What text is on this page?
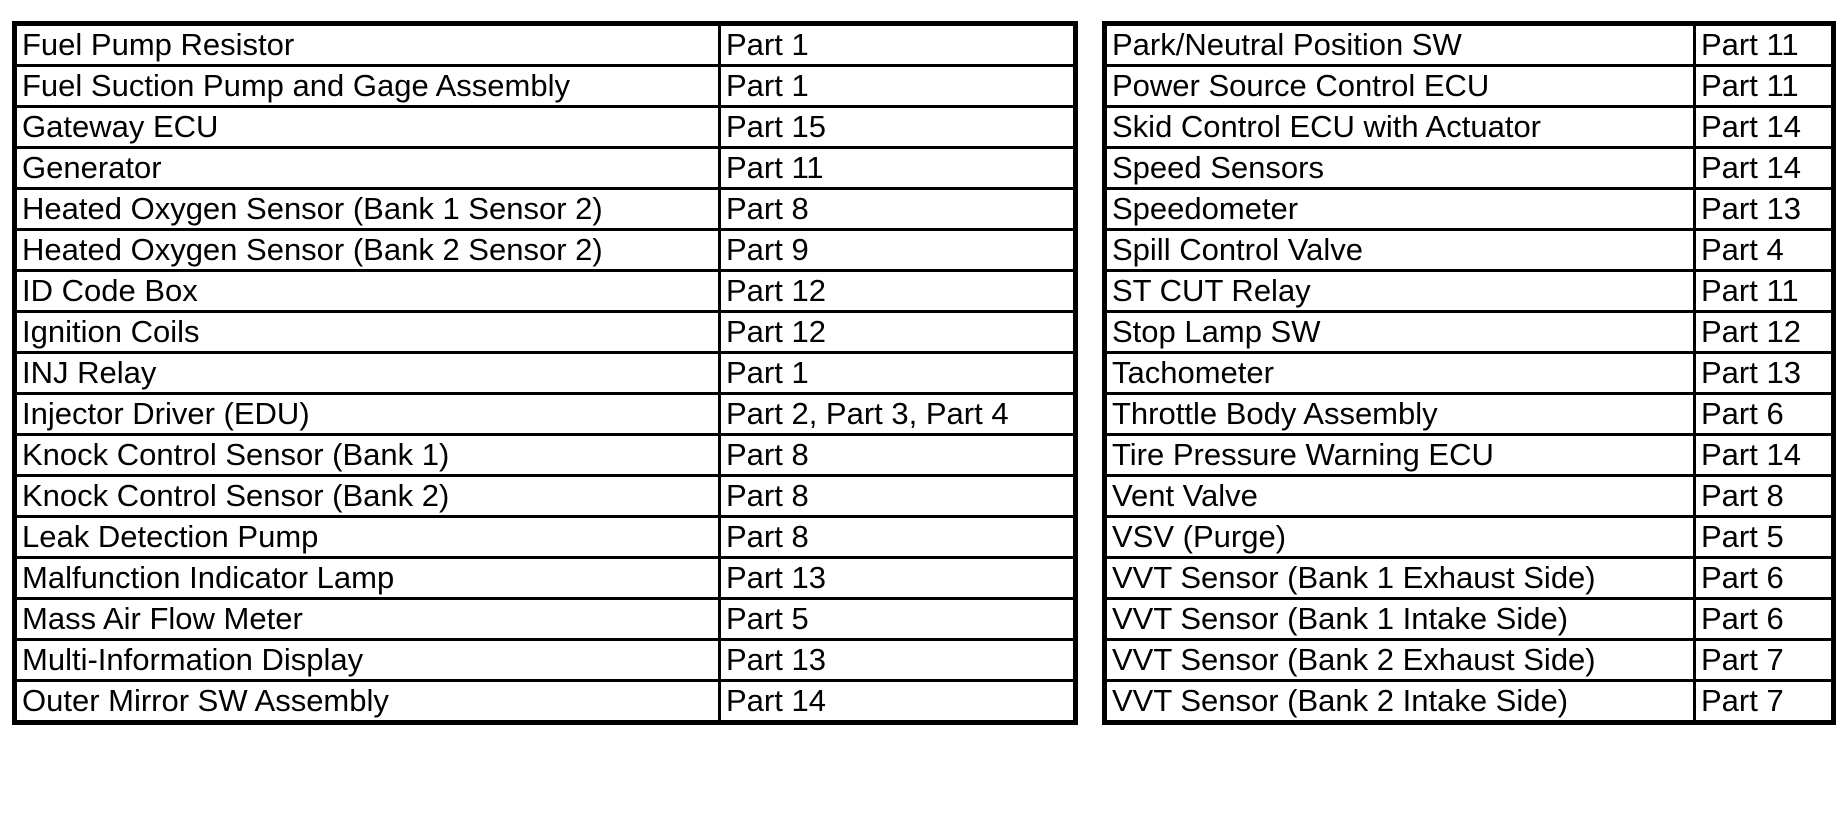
Fuel Pump Resistor	Part 1
Fuel Suction Pump and Gage Assembly	Part 1
Gateway ECU	Part 15
Generator	Part 11
Heated Oxygen Sensor (Bank 1 Sensor 2)	Part 8
Heated Oxygen Sensor (Bank 2 Sensor 2)	Part 9
ID Code Box	Part 12
Ignition Coils	Part 12
INJ Relay	Part 1
Injector Driver (EDU)	Part 2, Part 3, Part 4
Knock Control Sensor (Bank 1)	Part 8
Knock Control Sensor (Bank 2)	Part 8
Leak Detection Pump	Part 8
Malfunction Indicator Lamp	Part 13
Mass Air Flow Meter	Part 5
Multi-Information Display	Part 13
Outer Mirror SW Assembly	Part 14
Park/Neutral Position SW	Part 11
Power Source Control ECU	Part 11
Skid Control ECU with Actuator	Part 14
Speed Sensors	Part 14
Speedometer	Part 13
Spill Control Valve	Part 4
ST CUT Relay	Part 11
Stop Lamp SW	Part 12
Tachometer	Part 13
Throttle Body Assembly	Part 6
Tire Pressure Warning ECU	Part 14
Vent Valve	Part 8
VSV (Purge)	Part 5
VVT Sensor (Bank 1 Exhaust Side)	Part 6
VVT Sensor (Bank 1 Intake Side)	Part 6
VVT Sensor (Bank 2 Exhaust Side)	Part 7
VVT Sensor (Bank 2 Intake Side)	Part 7
